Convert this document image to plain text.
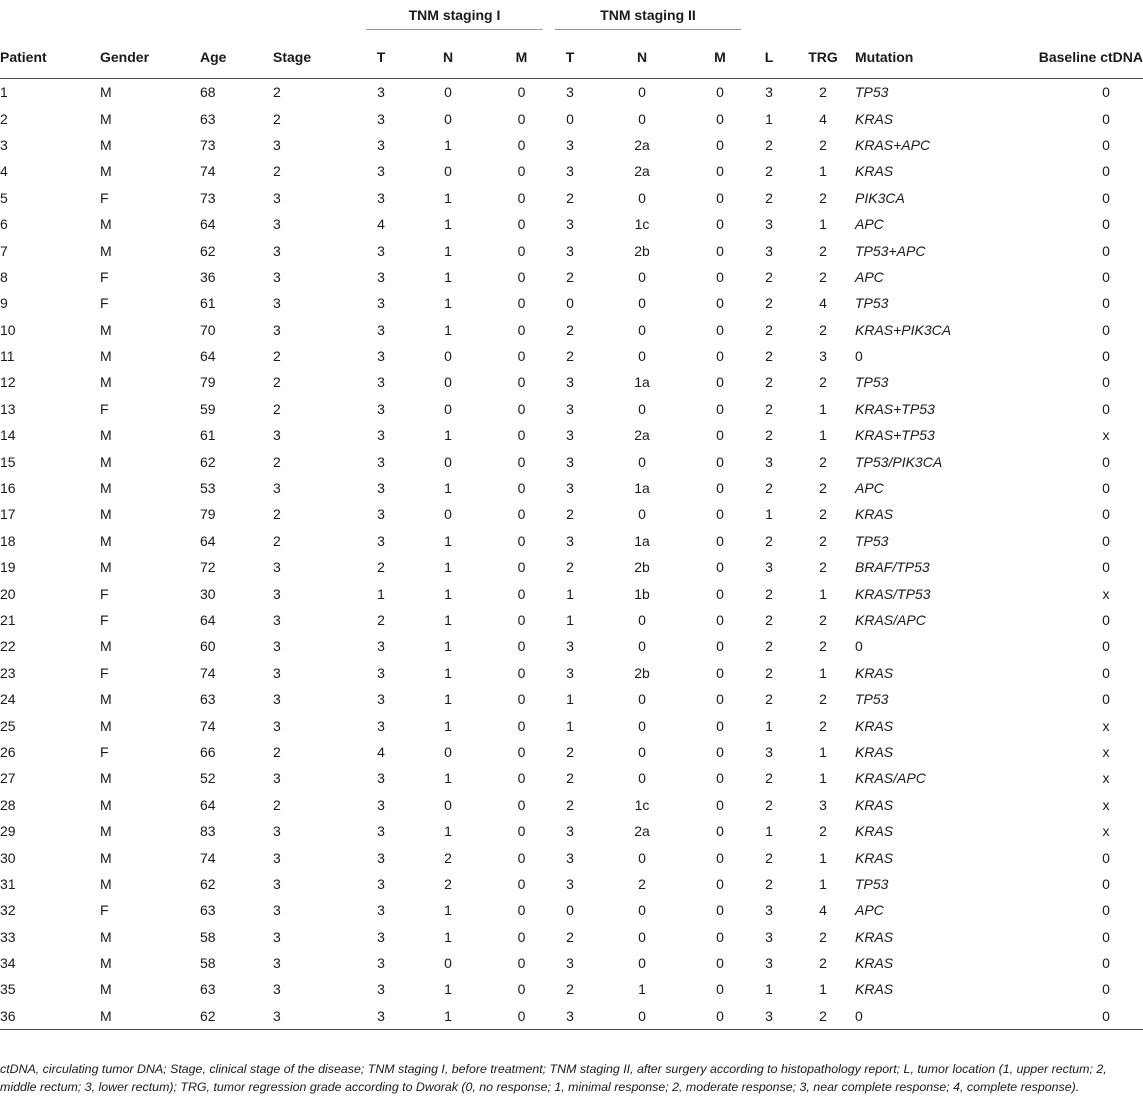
				TNM staging I			TNM staging II						

Patient	Gender	Age	Stage	T	N	M	T	N	M	L	TRG	Mutation	Baseline ctDNA
1	M	68	2	3	0	0	3	0	0	3	2	TP53	0
2	M	63	2	3	0	0	0	0	0	1	4	KRAS	0
3	M	73	3	3	1	0	3	2a	0	2	2	KRAS+APC	0
4	M	74	2	3	0	0	3	2a	0	2	1	KRAS	0
5	F	73	3	3	1	0	2	0	0	2	2	PIK3CA	0
6	M	64	3	4	1	0	3	1c	0	3	1	APC	0
7	M	62	3	3	1	0	3	2b	0	3	2	TP53+APC	0
8	F	36	3	3	1	0	2	0	0	2	2	APC	0
9	F	61	3	3	1	0	0	0	0	2	4	TP53	0
10	M	70	3	3	1	0	2	0	0	2	2	KRAS+PIK3CA	0
11	M	64	2	3	0	0	2	0	0	2	3	0	0
12	M	79	2	3	0	0	3	1a	0	2	2	TP53	0
13	F	59	2	3	0	0	3	0	0	2	1	KRAS+TP53	0
14	M	61	3	3	1	0	3	2a	0	2	1	KRAS+TP53	x
15	M	62	2	3	0	0	3	0	0	3	2	TP53/PIK3CA	0
16	M	53	3	3	1	0	3	1a	0	2	2	APC	0
17	M	79	2	3	0	0	2	0	0	1	2	KRAS	0
18	M	64	2	3	1	0	3	1a	0	2	2	TP53	0
19	M	72	3	2	1	0	2	2b	0	3	2	BRAF/TP53	0
20	F	30	3	1	1	0	1	1b	0	2	1	KRAS/TP53	x
21	F	64	3	2	1	0	1	0	0	2	2	KRAS/APC	0
22	M	60	3	3	1	0	3	0	0	2	2	0	0
23	F	74	3	3	1	0	3	2b	0	2	1	KRAS	0
24	M	63	3	3	1	0	1	0	0	2	2	TP53	0
25	M	74	3	3	1	0	1	0	0	1	2	KRAS	x
26	F	66	2	4	0	0	2	0	0	3	1	KRAS	x
27	M	52	3	3	1	0	2	0	0	2	1	KRAS/APC	x
28	M	64	2	3	0	0	2	1c	0	2	3	KRAS	x
29	M	83	3	3	1	0	3	2a	0	1	2	KRAS	x
30	M	74	3	3	2	0	3	0	0	2	1	KRAS	0
31	M	62	3	3	2	0	3	2	0	2	1	TP53	0
32	F	63	3	3	1	0	0	0	0	3	4	APC	0
33	M	58	3	3	1	0	2	0	0	3	2	KRAS	0
34	M	58	3	3	0	0	3	0	0	3	2	KRAS	0
35	M	63	3	3	1	0	2	1	0	1	1	KRAS	0
36	M	62	3	3	1	0	3	0	0	3	2	0	0
ctDNA, circulating tumor DNA; Stage, clinical stage of the disease; TNM staging I, before treatment; TNM staging II, after surgery according to histopathology report; L, tumor location (1, upper rectum; 2, middle rectum; 3, lower rectum); TRG, tumor regression grade according to Dworak (0, no response; 1, minimal response; 2, moderate response; 3, near complete response; 4, complete response).
